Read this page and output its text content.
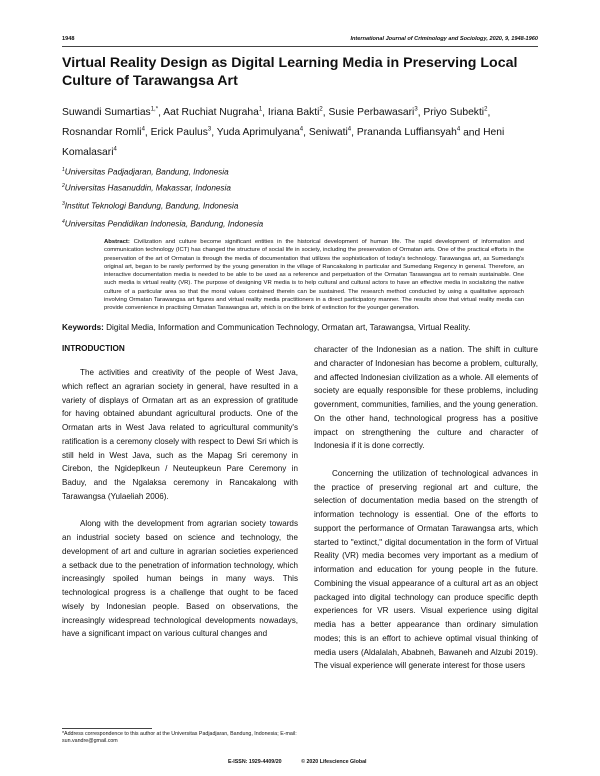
1948	International Journal of Criminology and Sociology, 2020, 9, 1948-1960
Virtual Reality Design as Digital Learning Media in Preserving Local Culture of Tarawangsa Art
Suwandi Sumartias$^{1,*}$, Aat Ruchiat Nugraha$^1$, Iriana Bakti$^2$, Susie Perbawasari$^3$, Priyo Subekti$^2$, Rosnandar Romli$^4$, Erick Paulus$^3$, Yuda Aprimulyana$^4$, Seniwati$^4$, Prananda Luffiansyah$^4$ and Heni Komalasari$^4$
$^1$Universitas Padjadjaran, Bandung, Indonesia
$^2$Universitas Hasanuddin, Makassar, Indonesia
$^3$Institut Teknologi Bandung, Bandung, Indonesia
$^4$Universitas Pendidikan Indonesia, Bandung, Indonesia
Abstract: Civilization and culture become significant entities in the historical development of human life. The rapid development of information and communication technology (ICT) has changed the structure of social life in society, including the preservation of Ormatan arts. One of the practical efforts in the preservation of the art of Ormatan is through the media of documentation that utilizes the sophistication of today's technology. Tarawangsa art, as Sumedang's original art, began to be rarely performed by the young generation in the village of Rancakalong in particular and Sumedang Regency in general. Therefore, an interactive documentation media is needed to be able to be used as a reference and perpetuation of the Ormatan Tarawangsa art to remain sustainable. One such media is virtual reality (VR). The purpose of designing VR media is to help cultural and cultural actors to have an effective media in socializing the native culture of a particular area so that the moral values contained therein can be sustained. The research method conducted by using a qualitative approach involving Ormatan Tarawangsa art figures and virtual reality media practitioners in a direct participatory manner. The results show that virtual reality media can provide convenience in practising Ormatan Tarawangsa art, which is on the brink of extinction for the younger generation.
Keywords: Digital Media, Information and Communication Technology, Ormatan art, Tarawangsa, Virtual Reality.
INTRODUCTION

The activities and creativity of the people of West Java, which reflect an agrarian society in general, have resulted in a variety of displays of Ormatan art as an expression of gratitude for having obtained abundant agricultural products. One of the Ormatan arts in West Java related to agricultural community's ratification is a ceremony closely with respect to Dewi Sri which is still held in West Java, such as the Mapag Sri ceremony in Cirebon, the Ngideplkeun / Neuteupkeun Pare Ceremony in Baduy, and the Ngalaksa ceremony in Rancakalong with Tarawangsa (Yulaeliah 2006).

Along with the development from agrarian society towards an industrial society based on science and technology, the development of art and culture in agrarian societies experienced a setback due to the penetration of information technology, which increasingly spoiled human beings in many ways. This technological progress is a challenge that ought to be faced wisely by Indonesian people. Based on observations, the increasingly widespread technological developments nowadays, have a significant impact on various cultural changes and

character of the Indonesian as a nation. The shift in culture and character of Indonesian has become a problem, culturally, and affected Indonesian civilization as a whole. All elements of society are equally responsible for these problems, including government, communities, families, and the young generation. On the other hand, technological progress has a positive impact on strengthening the culture and character of Indonesia if it is done correctly.

Concerning the utilization of technological advances in the practice of preserving regional art and culture, the selection of documentation media based on the strength of information technology is essential. One of the efforts to support the performance of Ormatan Tarawangsa arts, which started to "extinct," digital documentation in the form of Virtual Reality (VR) media becomes very important as a medium of information and education for young people in the future. Combining the visual appearance of a cultural art as an object packaged into digital technology can produce specific depth experiences for VR users. Visual experience using digital media has a better appearance than ordinary simulation modes; this is an effort to achieve optimal visual thinking of media users (Aldalalah, Ababneh, Bawaneh and Alzubi 2019). The visual experience will generate interest for those users

*Address correspondence to this author at the Universitas Padjadjaran, Bandung, Indonesia; E-mail: sun.vandre@gmail.com
E-ISSN: 1929-4409/20	© 2020 Lifescience Global
